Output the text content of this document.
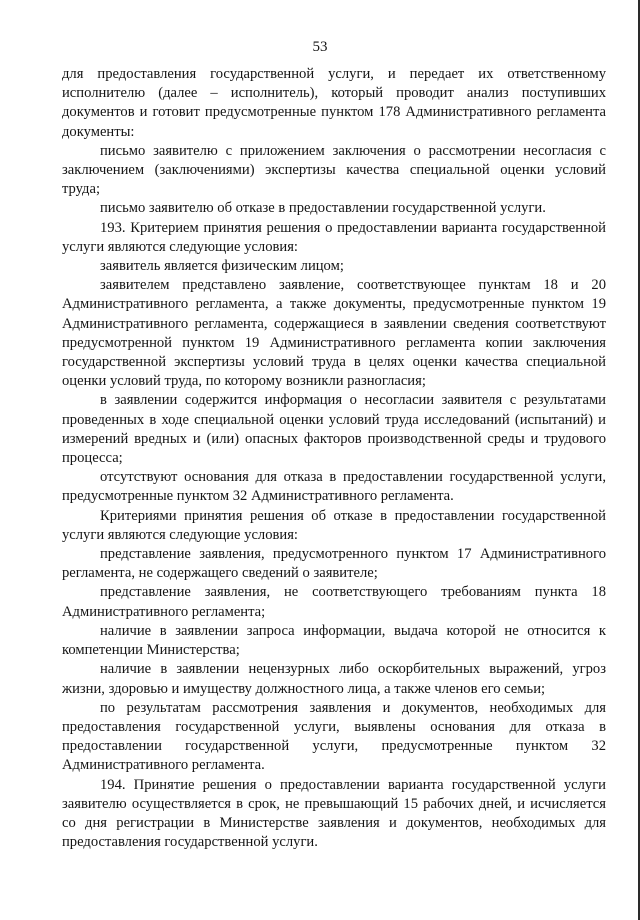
53

для предоставления государственной услуги, и передает их ответственному исполнителю (далее – исполнитель), который проводит анализ поступивших документов и готовит предусмотренные пунктом 178 Административного регламента документы:

письмо заявителю с приложением заключения о рассмотрении несогласия с заключением (заключениями) экспертизы качества специальной оценки условий труда;

письмо заявителю об отказе в предоставлении государственной услуги.

193. Критерием принятия решения о предоставлении варианта государственной услуги являются следующие условия:

заявитель является физическим лицом;

заявителем представлено заявление, соответствующее пунктам 18 и 20 Административного регламента, а также документы, предусмотренные пунктом 19 Административного регламента, содержащиеся в заявлении сведения соответствуют предусмотренной пунктом 19 Административного регламента копии заключения государственной экспертизы условий труда в целях оценки качества специальной оценки условий труда, по которому возникли разногласия;

в заявлении содержится информация о несогласии заявителя с результатами проведенных в ходе специальной оценки условий труда исследований (испытаний) и измерений вредных и (или) опасных факторов производственной среды и трудового процесса;

отсутствуют основания для отказа в предоставлении государственной услуги, предусмотренные пунктом 32 Административного регламента.

Критериями принятия решения об отказе в предоставлении государственной услуги являются следующие условия:

представление заявления, предусмотренного пунктом 17 Административного регламента, не содержащего сведений о заявителе;

представление заявления, не соответствующего требованиям пункта 18 Административного регламента;

наличие в заявлении запроса информации, выдача которой не относится к компетенции Министерства;

наличие в заявлении нецензурных либо оскорбительных выражений, угроз жизни, здоровью и имуществу должностного лица, а также членов его семьи;

по результатам рассмотрения заявления и документов, необходимых для предоставления государственной услуги, выявлены основания для отказа в предоставлении государственной услуги, предусмотренные пунктом 32 Административного регламента.

194. Принятие решения о предоставлении варианта государственной услуги заявителю осуществляется в срок, не превышающий 15 рабочих дней, и исчисляется со дня регистрации в Министерстве заявления и документов, необходимых для предоставления государственной услуги.
